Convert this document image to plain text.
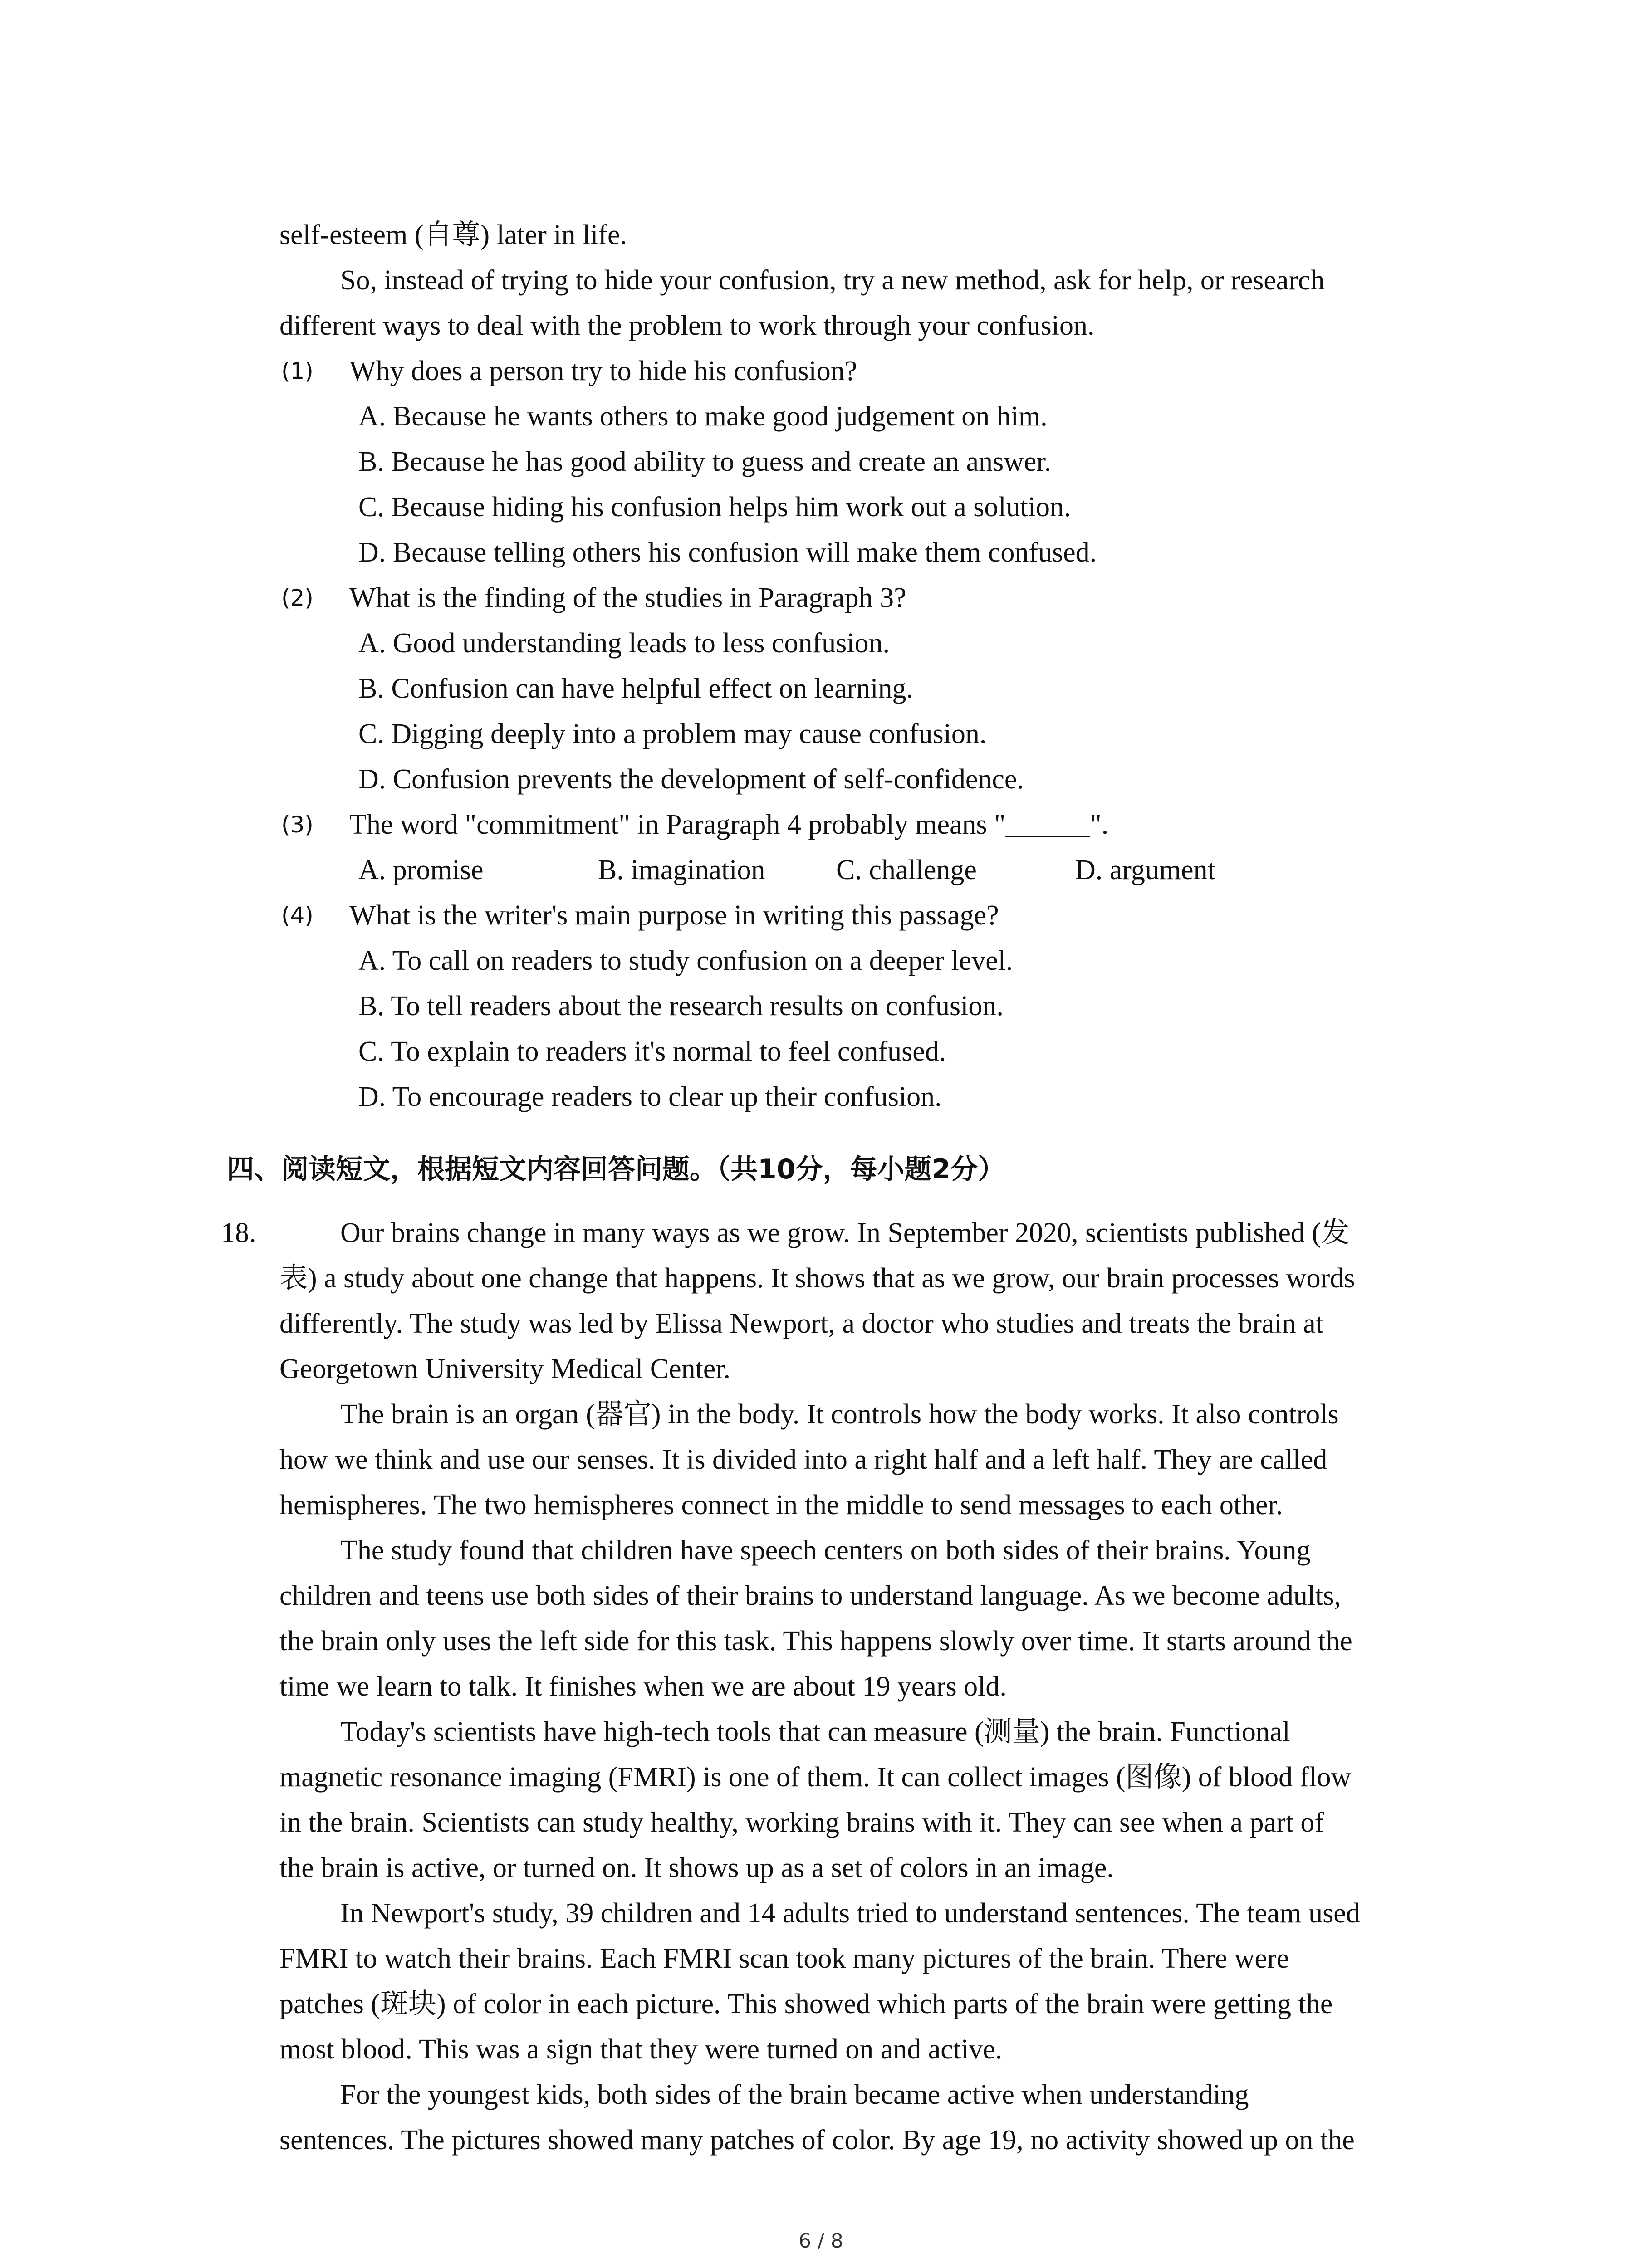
self-esteem (自尊) later in life.
So, instead of trying to hide your confusion, try a new method, ask for help, or research
different ways to deal with the problem to work through your confusion.
(1) Why does a person try to hide his confusion?
A. Because he wants others to make good judgement on him.
B. Because he has good ability to guess and create an answer.
C. Because hiding his confusion helps him work out a solution.
D. Because telling others his confusion will make them confused.
(2) What is the finding of the studies in Paragraph 3?
A. Good understanding leads to less confusion.
B. Confusion can have helpful effect on learning.
C. Digging deeply into a problem may cause confusion.
D. Confusion prevents the development of self-confidence.
(3) The word "commitment" in Paragraph 4 probably means "______".
A. promise	B. imagination	C. challenge	D. argument
(4) What is the writer's main purpose in writing this passage?
A. To call on readers to study confusion on a deeper level.
B. To tell readers about the research results on confusion.
C. To explain to readers it's normal to feel confused.
D. To encourage readers to clear up their confusion.
四、阅读短文，根据短文内容回答问题。（共10分，每小题2分）
18.	Our brains change in many ways as we grow. In September 2020, scientists published (发
表) a study about one change that happens. It shows that as we grow, our brain processes words
differently. The study was led by Elissa Newport, a doctor who studies and treats the brain at
Georgetown University Medical Center.
The brain is an organ (器官) in the body. It controls how the body works. It also controls
how we think and use our senses. It is divided into a right half and a left half. They are called
hemispheres. The two hemispheres connect in the middle to send messages to each other.
The study found that children have speech centers on both sides of their brains. Young
children and teens use both sides of their brains to understand language. As we become adults,
the brain only uses the left side for this task. This happens slowly over time. It starts around the
time we learn to talk. It finishes when we are about 19 years old.
Today's scientists have high-tech tools that can measure (测量) the brain. Functional
magnetic resonance imaging (FMRI) is one of them. It can collect images (图像) of blood flow
in the brain. Scientists can study healthy, working brains with it. They can see when a part of
the brain is active, or turned on. It shows up as a set of colors in an image.
In Newport's study, 39 children and 14 adults tried to understand sentences. The team used
FMRI to watch their brains. Each FMRI scan took many pictures of the brain. There were
patches (斑块) of color in each picture. This showed which parts of the brain were getting the
most blood. This was a sign that they were turned on and active.
For the youngest kids, both sides of the brain became active when understanding
sentences. The pictures showed many patches of color. By age 19, no activity showed up on the
6 / 8
